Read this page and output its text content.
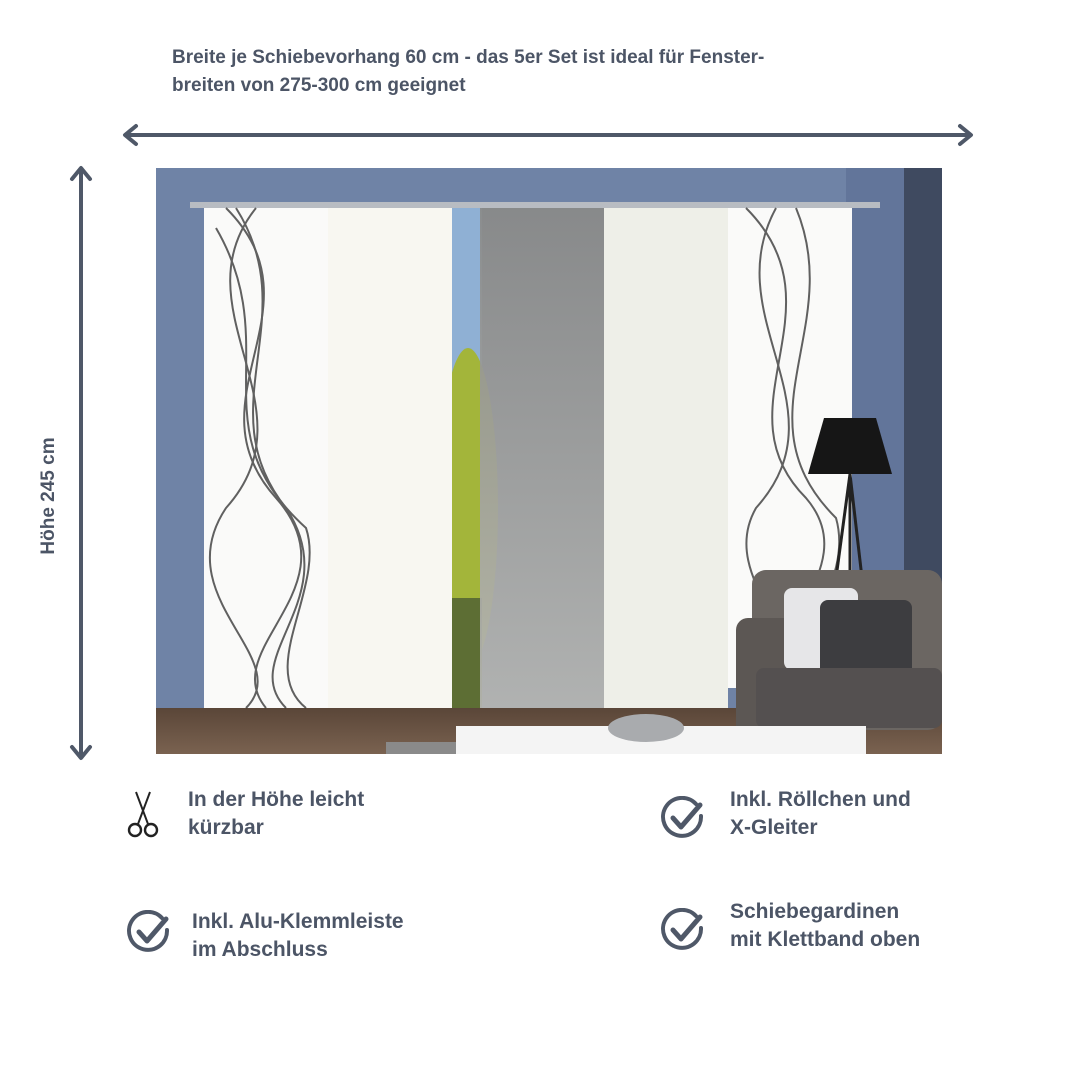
Breite je Schiebevorhang 60 cm - das 5er Set ist ideal für Fenster-
breiten von 275-300 cm geeignet
Höhe 245 cm
In der Höhe leicht
kürzbar
Inkl. Röllchen und
X-Gleiter
Inkl. Alu-Klemmleiste
im Abschluss
Schiebegardinen
mit Klettband oben
